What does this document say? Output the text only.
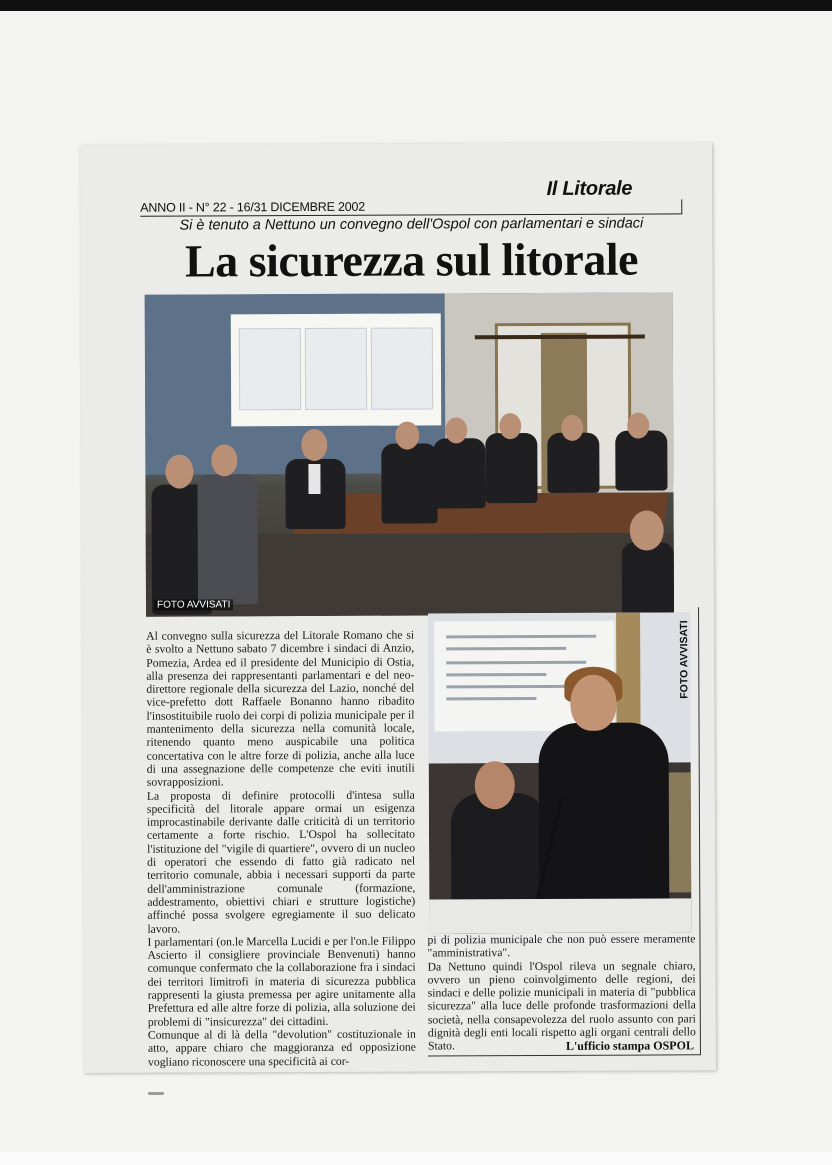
Il Litorale
ANNO II - N° 22 - 16/31 DICEMBRE 2002
Si è tenuto a Nettuno un convegno dell'Ospol con parlamentari e sindaci
La sicurezza sul litorale
FOTO AVVISATI

Al convegno sulla sicurezza del Litorale Romano che si è svolto a Nettuno sabato 7 dicembre i sindaci di Anzio, Pomezia, Ardea ed il presidente del Municipio di Ostia, alla presenza dei rappresentanti parlamentari e del neo-direttore regionale della sicurezza del Lazio, nonché del vice-prefetto dott Raffaele Bonanno hanno ribadito l'insostituibile ruolo dei corpi di polizia municipale per il mantenimento della sicurezza nella comunità locale, ritenendo quanto meno auspicabile una politica concertativa con le altre forze di polizia, anche alla luce di una assegnazione delle competenze che eviti inutili sovrapposizioni.

La proposta di definire protocolli d'intesa sulla specificità del litorale appare ormai un esigenza improcastinabile derivante dalle criticità di un territorio certamente a forte rischio. L'Ospol ha sollecitato l'istituzione del "vigile di quartiere", ovvero di un nucleo di operatori che essendo di fatto già radicato nel territorio comunale, abbia i necessari supporti da parte dell'amministrazione comunale (formazione, addestramento, obiettivi chiari e strutture logistiche) affinché possa svolgere egregiamente il suo delicato lavoro.

I parlamentari (on.le Marcella Lucidi e per l'on.le Filippo Ascierto il consigliere provinciale Benvenuti) hanno comunque confermato che la collaborazione fra i sindaci dei territori limitrofi in materia di sicurezza pubblica rappresenti la giusta premessa per agire unitamente alla Prefettura ed alle altre forze di polizia, alla soluzione dei problemi di "insicurezza" dei cittadini.

Comunque al di là della "devolution" costituzionale in atto, appare chiaro che maggioranza ed opposizione vogliano riconoscere una specificità ai cor-

FOTO AVVISATI

pi di polizia municipale che non può essere meramente "amministrativa".

Da Nettuno quindi l'Ospol rileva un segnale chiaro, ovvero un pieno coinvolgimento delle regioni, dei sindaci e delle polizie municipali in materia di "pubblica sicurezza" alla luce delle profonde trasformazioni della società, nella consapevolezza del ruolo assunto con pari dignità degli enti locali rispetto agli organi centrali dello Stato.	L'ufficio stampa OSPOL
